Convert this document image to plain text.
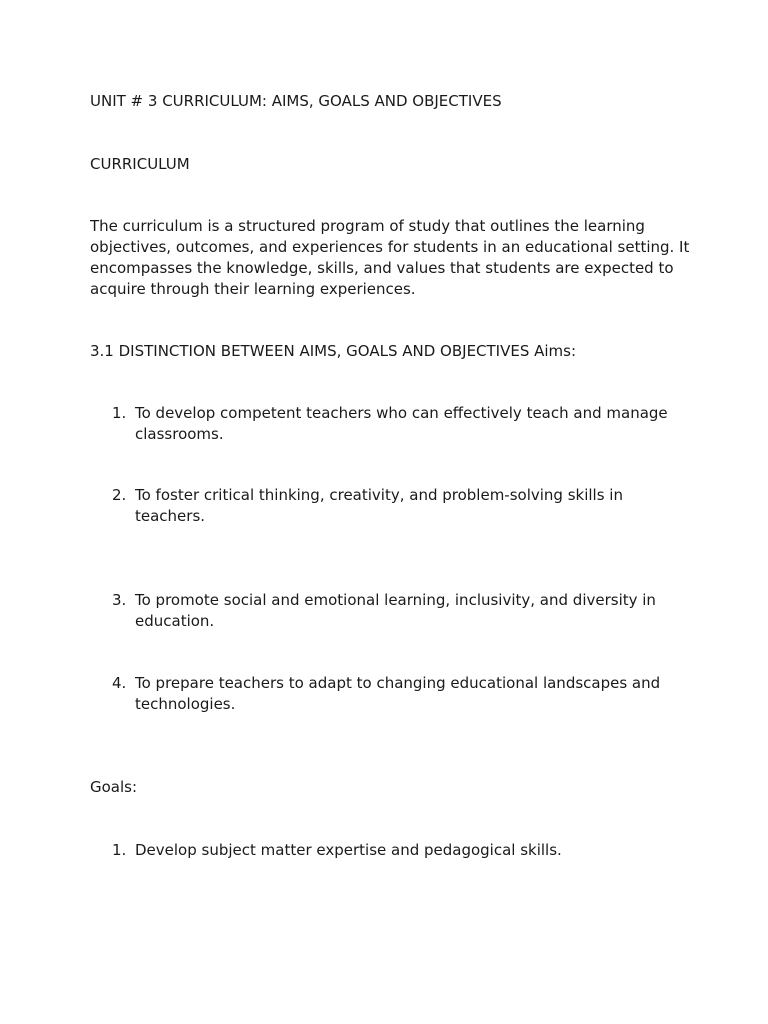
UNIT # 3 CURRICULUM: AIMS, GOALS AND OBJECTIVES

CURRICULUM

The curriculum is a structured program of study that outlines the learning objectives, outcomes, and experiences for students in an educational setting. It encompasses the knowledge, skills, and values that students are expected to acquire through their learning experiences.

3.1 DISTINCTION BETWEEN AIMS, GOALS AND OBJECTIVES Aims:

1. To develop competent teachers who can effectively teach and manage classrooms.
2. To foster critical thinking, creativity, and problem-solving skills in teachers.
3. To promote social and emotional learning, inclusivity, and diversity in education.
4. To prepare teachers to adapt to changing educational landscapes and technologies.

Goals:

1. Develop subject matter expertise and pedagogical skills.
